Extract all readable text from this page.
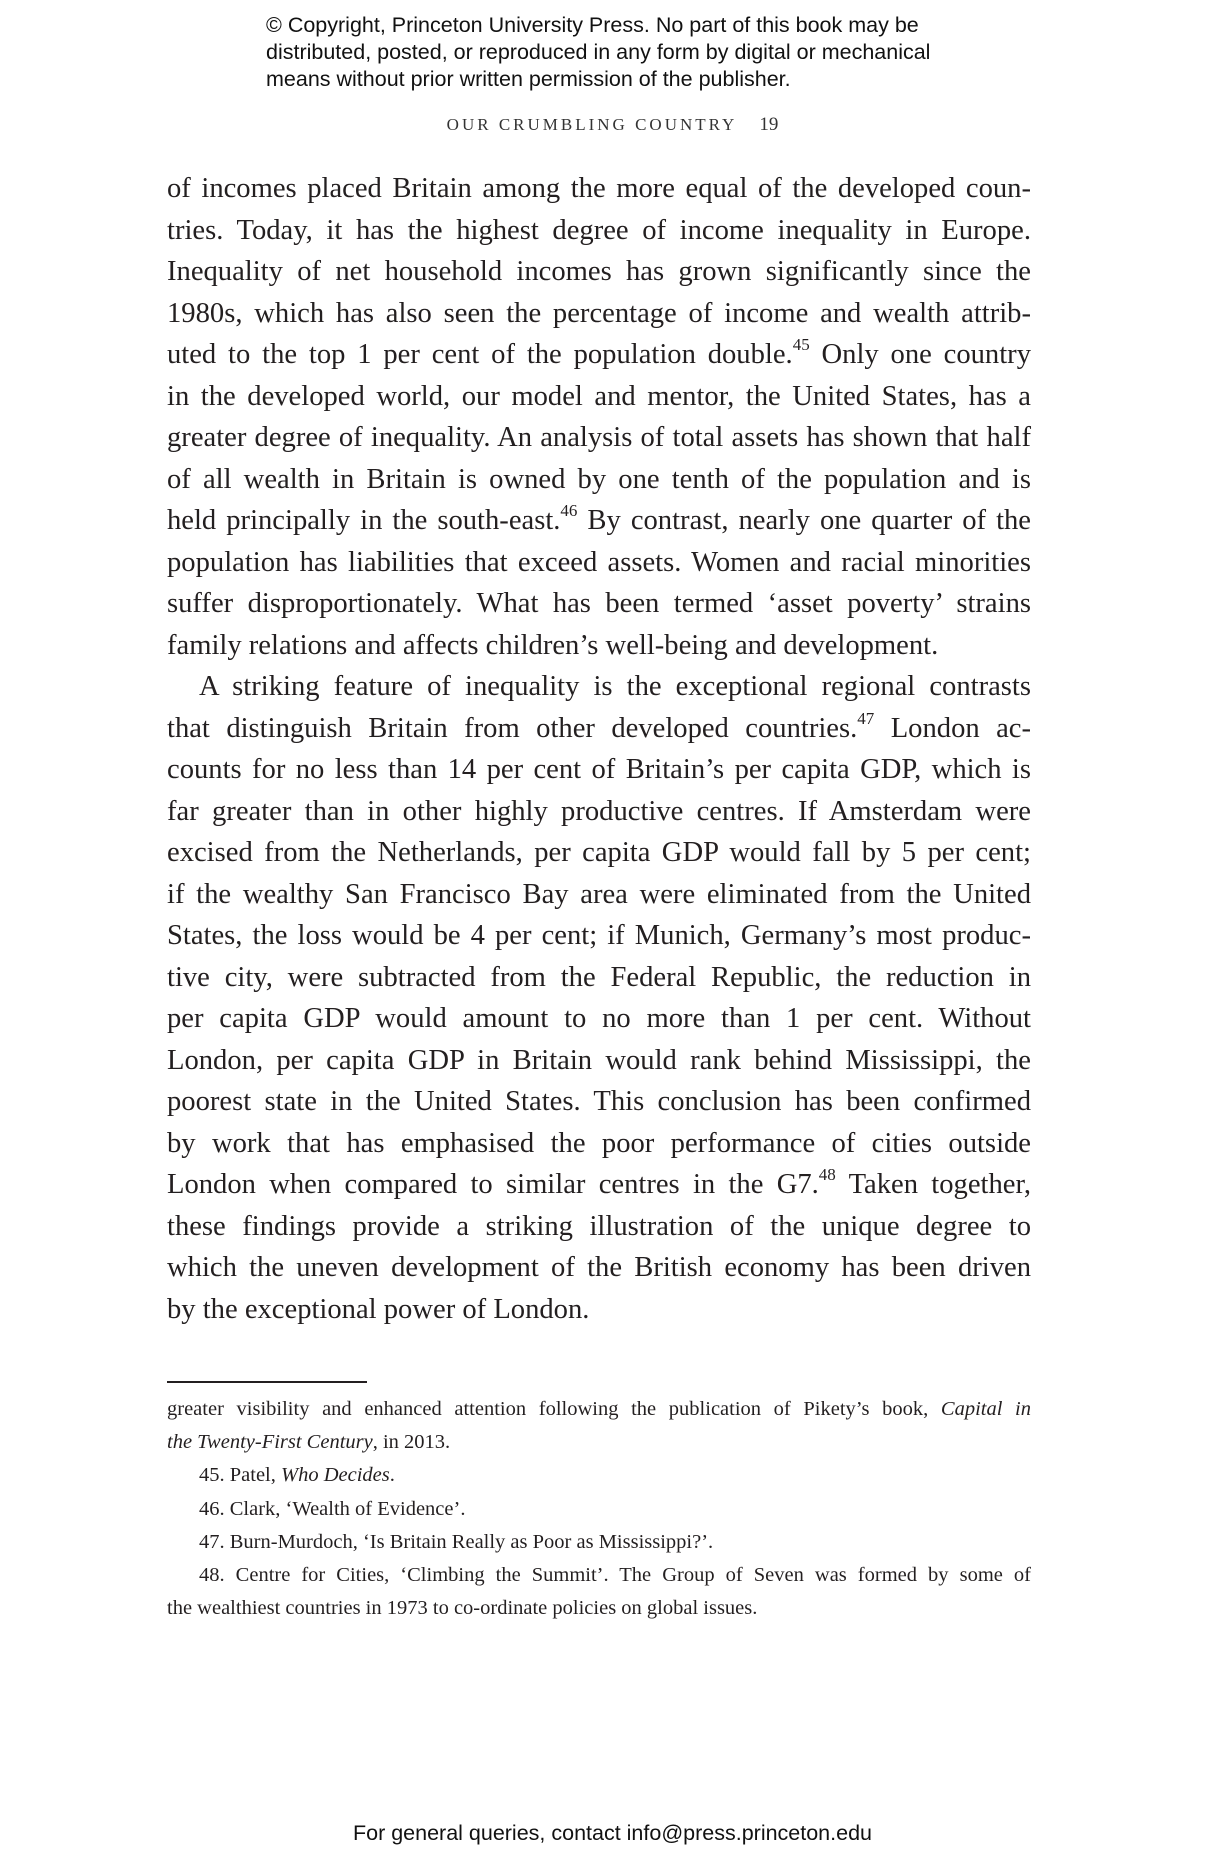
© Copyright, Princeton University Press. No part of this book may be
distributed, posted, or reproduced in any form by digital or mechanical
means without prior written permission of the publisher.
OUR CRUMBLING COUNTRY 19
of incomes placed Britain among the more equal of the developed coun-
tries. Today, it has the highest degree of income inequality in Europe.
Inequality of net household incomes has grown significantly since the
1980s, which has also seen the percentage of income and wealth attrib-
uted to the top 1 per cent of the population double.$^{45}$ Only one country
in the developed world, our model and mentor, the United States, has a
greater degree of inequality. An analysis of total assets has shown that half
of all wealth in Britain is owned by one tenth of the population and is
held principally in the south-east.$^{46}$ By contrast, nearly one quarter of the
population has liabilities that exceed assets. Women and racial minorities
suffer disproportionately. What has been termed ‘asset poverty’ strains
family relations and affects children’s well-being and development.
A striking feature of inequality is the exceptional regional contrasts
that distinguish Britain from other developed countries.$^{47}$ London ac-
counts for no less than 14 per cent of Britain’s per capita GDP, which is
far greater than in other highly productive centres. If Amsterdam were
excised from the Netherlands, per capita GDP would fall by 5 per cent;
if the wealthy San Francisco Bay area were eliminated from the United
States, the loss would be 4 per cent; if Munich, Germany’s most produc-
tive city, were subtracted from the Federal Republic, the reduction in
per capita GDP would amount to no more than 1 per cent. Without
London, per capita GDP in Britain would rank behind Mississippi, the
poorest state in the United States. This conclusion has been confirmed
by work that has emphasised the poor performance of cities outside
London when compared to similar centres in the G7.48 Taken together,
these findings provide a striking illustration of the unique degree to
which the uneven development of the British economy has been driven
by the exceptional power of London.
greater visibility and enhanced attention following the publication of Pikety’s book, Capital in
the Twenty-First Century, in 2013.
45. Patel, Who Decides.
46. Clark, ‘Wealth of Evidence’.
47. Burn-Murdoch, ‘Is Britain Really as Poor as Mississippi?’.
48. Centre for Cities, ‘Climbing the Summit’. The Group of Seven was formed by some of
the wealthiest countries in 1973 to co-ordinate policies on global issues.
For general queries, contact info@press.princeton.edu
